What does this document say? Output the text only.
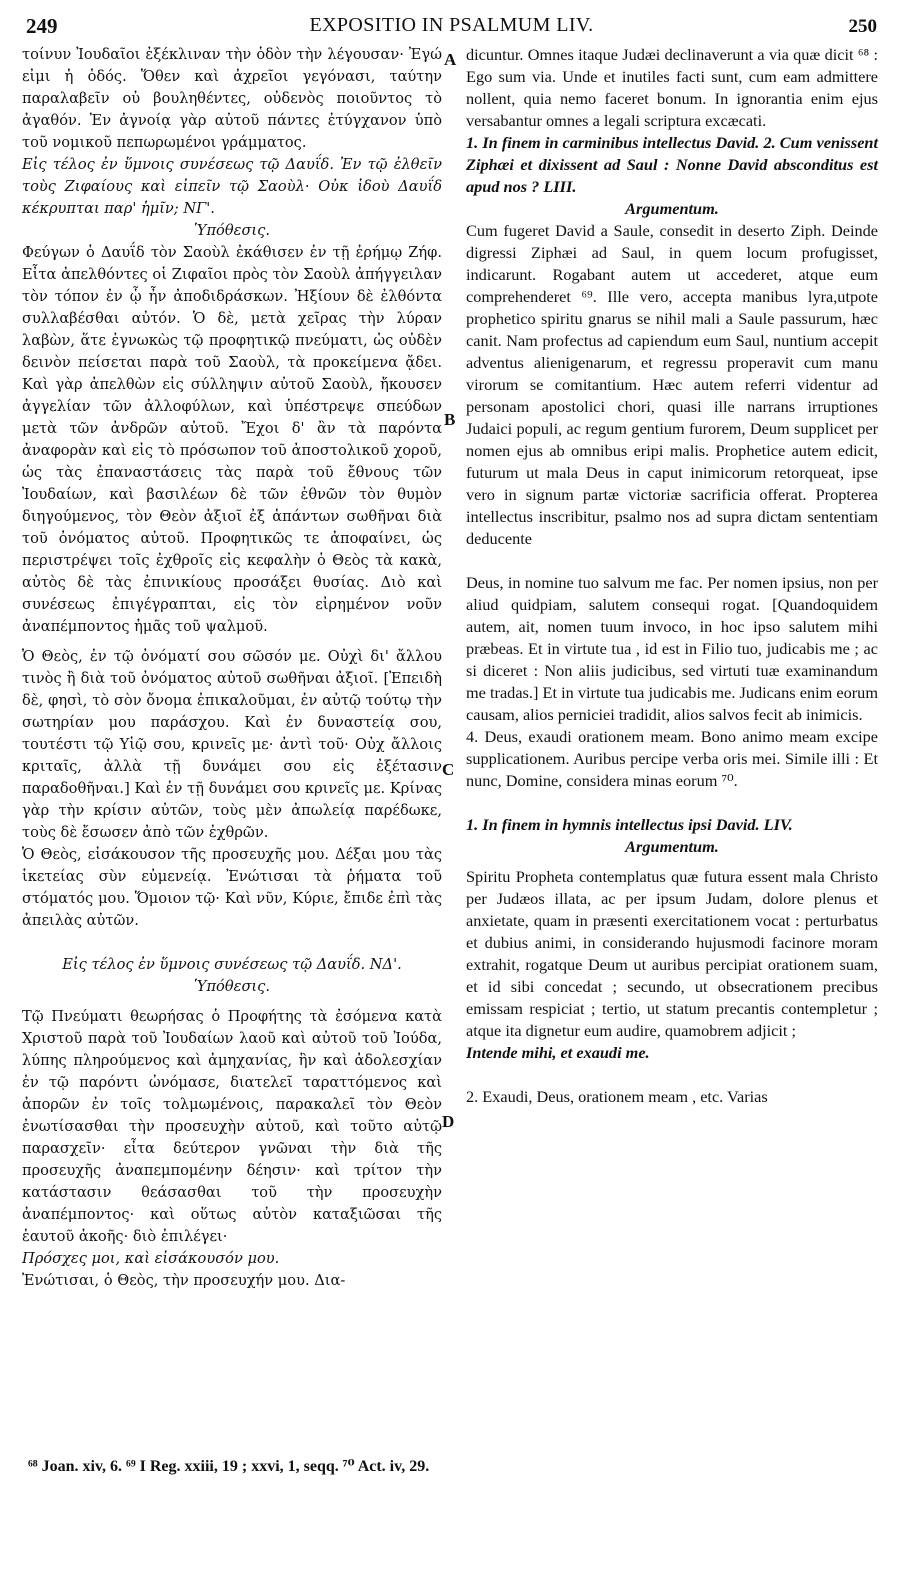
249	EXPOSITIO IN PSALMUM LIV.	250

τοίνυν Ἰουδαῖοι ἐξέκλιναν τὴν ὁδὸν τὴν λέγουσαν· Ἐγώ εἰμι ἡ ὁδός. Ὅθεν καὶ ἀχρεῖοι γεγόνασι, ταύτην παραλαβεῖν οὐ βουληθέντες, οὐδενὸς ποιοῦντος τὸ ἀγαθόν. Ἐν ἀγνοίᾳ γὰρ αὐτοῦ πάντες ἐτύγχανον ὑπὸ τοῦ νομικοῦ πεπωρωμένοι γράμματος.

Εἰς τέλος ἐν ὕμνοις συνέσεως τῷ Δαυΐδ. Ἐν τῷ ἐλθεῖν τοὺς Ζιφαίους καὶ εἰπεῖν τῷ Σαοὺλ· Οὐκ ἰδοὺ Δαυΐδ κέκρυπται παρ' ἡμῖν; ΝΓ'.

Ὑπόθεσις.

Φεύγων ὁ Δαυΐδ τὸν Σαοὺλ ἐκάθισεν ἐν τῇ ἐρήμῳ Ζήφ. Εἶτα ἀπελθόντες οἱ Ζιφαῖοι πρὸς τὸν Σαοὺλ ἀπήγγειλαν τὸν τόπον ἐν ᾧ ἦν ἀποδιδράσκων. Ἠξίουν δὲ ἐλθόντα συλλαβέσθαι αὐτόν. Ὁ δὲ, μετὰ χεῖρας τὴν λύραν λαβὼν, ἅτε ἐγνωκὼς τῷ προφητικῷ πνεύματι, ὡς οὐδὲν δεινὸν πείσεται παρὰ τοῦ Σαοὺλ, τὰ προκείμενα ᾄδει. Καὶ γὰρ ἀπελθὼν εἰς σύλληψιν αὐτοῦ Σαοὺλ, ἤκουσεν ἀγγελίαν τῶν ἀλλοφύλων, καὶ ὑπέστρεψε σπεύδων μετὰ τῶν ἀνδρῶν αὐτοῦ. Ἔχοι δ' ἂν τὰ παρόντα ἀναφορὰν καὶ εἰς τὸ πρόσωπον τοῦ ἀποστολικοῦ χοροῦ, ὡς τὰς ἐπαναστάσεις τὰς παρὰ τοῦ ἔθνους τῶν Ἰουδαίων, καὶ βασιλέων δὲ τῶν ἐθνῶν τὸν θυμὸν διηγούμενος, τὸν Θεὸν ἀξιοῖ ἐξ ἁπάντων σωθῆναι διὰ τοῦ ὀνόματος αὐτοῦ. Προφητικῶς τε ἀποφαίνει, ὡς περιστρέψει τοῖς ἐχθροῖς εἰς κεφαλὴν ὁ Θεὸς τὰ κακὰ, αὐτὸς δὲ τὰς ἐπινικίους προσάξει θυσίας. Διὸ καὶ συνέσεως ἐπιγέγραπται, εἰς τὸν εἰρημένον νοῦν ἀναπέμποντος ἡμᾶς τοῦ ψαλμοῦ.

Ὁ Θεὸς, ἐν τῷ ὀνόματί σου σῶσόν με. Οὐχὶ δι' ἄλλου τινὸς ἢ διὰ τοῦ ὀνόματος αὐτοῦ σωθῆναι ἀξιοῖ. [Ἐπειδὴ δὲ, φησὶ, τὸ σὸν ὄνομα ἐπικαλοῦμαι, ἐν αὐτῷ τούτῳ τὴν σωτηρίαν μου παράσχου. Καὶ ἐν δυναστείᾳ σου, τουτέστι τῷ Υἱῷ σου, κρινεῖς με· ἀντὶ τοῦ· Οὐχ ἄλλοις κριταῖς, ἀλλὰ τῇ δυνάμει σου εἰς ἐξέτασιν παραδοθῆναι.] Καὶ ἐν τῇ δυνάμει σου κρινεῖς με. Κρίνας γὰρ τὴν κρίσιν αὐτῶν, τοὺς μὲν ἀπωλείᾳ παρέδωκε, τοὺς δὲ ἔσωσεν ἀπὸ τῶν ἐχθρῶν.

Ὁ Θεὸς, εἰσάκουσον τῆς προσευχῆς μου. Δέξαι μου τὰς ἱκετείας σὺν εὐμενείᾳ. Ἐνώτισαι τὰ ῥήματα τοῦ στόματός μου. Ὅμοιον τῷ· Καὶ νῦν, Κύριε, ἔπιδε ἐπὶ τὰς ἀπειλὰς αὐτῶν.

Εἰς τέλος ἐν ὕμνοις συνέσεως τῷ Δαυΐδ. ΝΔ'.

Ὑπόθεσις.

Τῷ Πνεύματι θεωρήσας ὁ Προφήτης τὰ ἐσόμενα κατὰ Χριστοῦ παρὰ τοῦ Ἰουδαίων λαοῦ καὶ αὐτοῦ τοῦ Ἰούδα, λύπης πληρούμενος καὶ ἀμηχανίας, ἣν καὶ ἀδολεσχίαν ἐν τῷ παρόντι ὠνόμασε, διατελεῖ ταραττόμενος καὶ ἀπορῶν ἐν τοῖς τολμωμένοις, παρακαλεῖ τὸν Θεὸν ἐνωτίσασθαι τὴν προσευχὴν αὐτοῦ, καὶ τοῦτο αὐτῷ παρασχεῖν· εἶτα δεύτερον γνῶναι τὴν διὰ τῆς προσευχῆς ἀναπεμπομένην δέησιν· καὶ τρίτον τὴν κατάστασιν θεάσασθαι τοῦ τὴν προσευχὴν ἀναπέμποντος· καὶ οὕτως αὐτὸν καταξιῶσαι τῆς ἑαυτοῦ ἀκοῆς· διὸ ἐπιλέγει·

Πρόσχες μοι, καὶ εἰσάκουσόν μου.

Ἐνώτισαι, ὁ Θεὸς, τὴν προσευχήν μου. Δια-

A
B
C
D

dicuntur. Omnes itaque Judæi declinaverunt a via quæ dicit ⁶⁸ : Ego sum via. Unde et inutiles facti sunt, cum eam admittere nollent, quia nemo faceret bonum. In ignorantia enim ejus versabantur omnes a legali scriptura excæcati.

1. In finem in carminibus intellectus David. 2. Cum venissent Ziphæi et dixissent ad Saul : Nonne David absconditus est apud nos ? LIII.

Argumentum.

Cum fugeret David a Saule, consedit in deserto Ziph. Deinde digressi Ziphæi ad Saul, in quem locum profugisset, indicarunt. Rogabant autem ut accederet, atque eum comprehenderet ⁶⁹. Ille vero, accepta manibus lyra,utpote prophetico spiritu gnarus se nihil mali a Saule passurum, hæc canit. Nam profectus ad capiendum eum Saul, nuntium accepit adventus alienigenarum, et regressu properavit cum manu virorum se comitantium. Hæc autem referri videntur ad personam apostolici chori, quasi ille narrans irruptiones Judaici populi, ac regum gentium furorem, Deum supplicet per nomen ejus ab omnibus eripi malis. Prophetice autem edicit, futurum ut mala Deus in caput inimicorum retorqueat, ipse vero in signum partæ victoriæ sacrificia offerat. Propterea intellectus inscribitur, psalmo nos ad supra dictam sententiam deducente

Deus, in nomine tuo salvum me fac. Per nomen ipsius, non per aliud quidpiam, salutem consequi rogat. [Quandoquidem autem, ait, nomen tuum invoco, in hoc ipso salutem mihi præbeas. Et in virtute tua , id est in Filio tuo, judicabis me ; ac si diceret : Non aliis judicibus, sed virtuti tuæ examinandum me tradas.] Et in virtute tua judicabis me. Judicans enim eorum causam, alios perniciei tradidit, alios salvos fecit ab inimicis.

4. Deus, exaudi orationem meam. Bono animo meam excipe supplicationem. Auribus percipe verba oris mei. Simile illi : Et nunc, Domine, considera minas eorum ⁷⁰.

1. In finem in hymnis intellectus ipsi David. LIV.

Argumentum.

Spiritu Propheta contemplatus quæ futura essent mala Christo per Judæos illata, ac per ipsum Judam, dolore plenus et anxietate, quam in præsenti exercitationem vocat : perturbatus et dubius animi, in considerando hujusmodi facinore moram extrahit, rogatque Deum ut auribus percipiat orationem suam, et id sibi concedat ; secundo, ut obsecrationem precibus emissam respiciat ; tertio, ut statum precantis contempletur ; atque ita dignetur eum audire, quamobrem adjicit ;

Intende mihi, et exaudi me.

2. Exaudi, Deus, orationem meam , etc. Varias

⁶⁸ Joan. xiv, 6. ⁶⁹ I Reg. xxiii, 19 ; xxvi, 1, seqq. ⁷⁰ Act. iv, 29.
